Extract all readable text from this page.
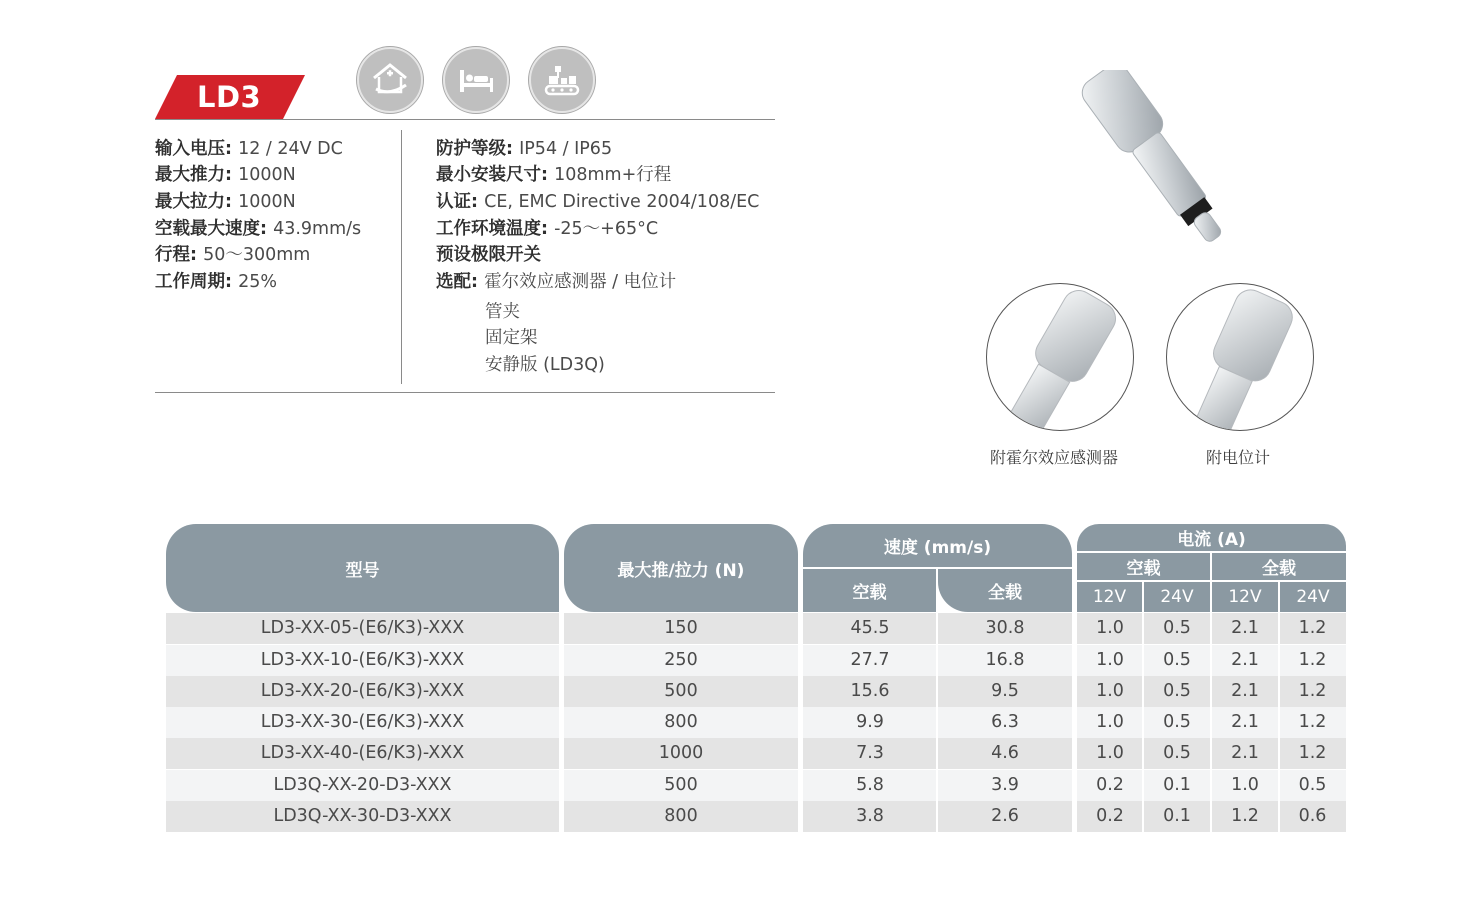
LD3
输入电压: 12 / 24V DC
最大推力: 1000N
最大拉力: 1000N
空载最大速度: 43.9mm/s
行程: 50～300mm
工作周期: 25%
防护等级: IP54 / IP65
最小安装尺寸: 108mm+行程
认证: CE, EMC Directive 2004/108/EC
工作环境温度: -25～+65°C
预设极限开关
选配: 霍尔效应感测器 / 电位计
管夹
固定架
安静版 (LD3Q)
附霍尔效应感测器	附电位计
型号	最大推/拉力 (N)
速度 (mm/s)
空载	全载
电流 (A)
空载	全载
12V	24V	12V	24V
LD3-XX-05-(E6/K3)-XXX	150	45.5	30.8	1.0	0.5	2.1	1.2
LD3-XX-10-(E6/K3)-XXX	250	27.7	16.8	1.0	0.5	2.1	1.2
LD3-XX-20-(E6/K3)-XXX	500	15.6	9.5	1.0	0.5	2.1	1.2
LD3-XX-30-(E6/K3)-XXX	800	9.9	6.3	1.0	0.5	2.1	1.2
LD3-XX-40-(E6/K3)-XXX	1000	7.3	4.6	1.0	0.5	2.1	1.2
LD3Q-XX-20-D3-XXX	500	5.8	3.9	0.2	0.1	1.0	0.5
LD3Q-XX-30-D3-XXX	800	3.8	2.6	0.2	0.1	1.2	0.6
